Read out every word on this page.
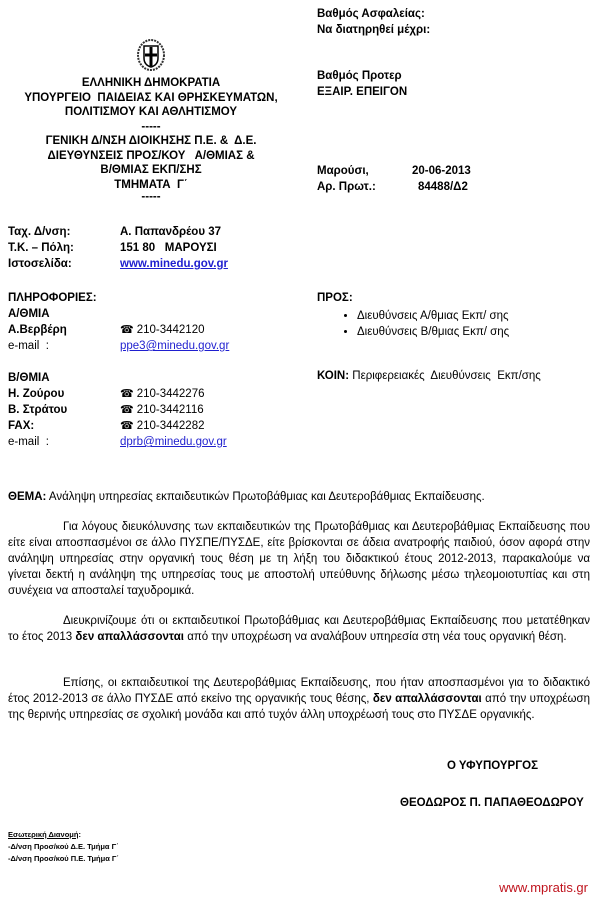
ΕΛΛΗΝΙΚΗ ΔΗΜΟΚΡΑΤΙΑ
ΥΠΟΥΡΓΕΙΟ  ΠΑΙΔΕΙΑΣ ΚΑΙ ΘΡΗΣΚΕΥΜΑΤΩΝ,
ΠΟΛΙΤΙΣΜΟΥ ΚΑΙ ΑΘΛΗΤΙΣΜΟΥ
-----
ΓΕΝΙΚΗ Δ/ΝΣΗ ΔΙΟΙΚΗΣΗΣ Π.Ε. &  Δ.Ε.
ΔΙΕΥΘΥΝΣΕΙΣ ΠΡΟΣ/ΚΟΥ   Α/ΘΜΙΑΣ &
Β/ΘΜΙΑΣ ΕΚΠ/ΣΗΣ
ΤΜΗΜΑΤΑ  Γ΄
-----
Βαθμός Ασφαλείας:
Να διατηρηθεί μέχρι:
Βαθμός Προτερ
ΕΞΑΙΡ. ΕΠΕΙΓΟΝ
Μαρούσι,	20-06-2013
Αρ. Πρωτ.:	84488/Δ2
Ταχ. Δ/νση:	Α. Παπανδρέου 37
Τ.Κ. – Πόλη:	151 80   ΜΑΡΟΥΣΙ
Ιστοσελίδα:	www.minedu.gov.gr
ΠΛΗΡΟΦΟΡΙΕΣ:
Α/ΘΜΙΑ
Α.Βερβέρη	☎ 210-3442120
e-mail  :	ppe3@minedu.gov.gr
Β/ΘΜΙΑ
Η. Ζούρου	☎ 210-3442276
Β. Στράτου	☎ 210-3442116
FAX:	☎ 210-3442282
e-mail  :	dprb@minedu.gov.gr
ΠΡΟΣ:
• Διευθύνσεις Α/θμιας Εκπ/ σης
• Διευθύνσεις Β/θμιας Εκπ/ σης
ΚΟΙΝ: Περιφερειακές  Διευθύνσεις  Εκπ/σης
ΘΕΜΑ: Ανάληψη υπηρεσίας εκπαιδευτικών Πρωτοβάθμιας και Δευτεροβάθμιας Εκπαίδευσης.
Για λόγους διευκόλυνσης των εκπαιδευτικών της Πρωτοβάθμιας και Δευτεροβάθμιας Εκπαίδευσης που είτε είναι αποσπασμένοι σε άλλο ΠΥΣΠΕ/ΠΥΣΔΕ, είτε βρίσκονται σε άδεια ανατροφής παιδιού, όσον αφορά στην ανάληψη υπηρεσίας στην οργανική τους θέση με τη λήξη του διδακτικού έτους 2012-2013, παρακαλούμε να γίνεται δεκτή η ανάληψη της υπηρεσίας τους με αποστολή υπεύθυνης δήλωσης μέσω τηλεομοιοτυπίας και στη συνέχεια να αποσταλεί ταχυδρομικά.
Διευκρινίζουμε ότι οι εκπαιδευτικοί Πρωτοβάθμιας και Δευτεροβάθμιας Εκπαίδευσης που μετατέθηκαν το έτος 2013 δεν απαλλάσσονται από την υποχρέωση να αναλάβουν υπηρεσία στη νέα τους οργανική θέση.
Επίσης, οι εκπαιδευτικοί της Δευτεροβάθμιας Εκπαίδευσης, που ήταν αποσπασμένοι για το διδακτικό έτος 2012-2013 σε άλλο ΠΥΣΔΕ από εκείνο της οργανικής τους θέσης, δεν απαλλάσσονται από την υποχρέωση της θερινής υπηρεσίας σε σχολική μονάδα και από τυχόν άλλη υποχρέωσή τους στο ΠΥΣΔΕ οργανικής.
Ο ΥΦΥΠΟΥΡΓΟΣ
ΘΕΟΔΩΡΟΣ Π. ΠΑΠΑΘΕΟΔΩΡΟΥ
Εσωτερική Διανομή:
-Δ/νση Προσ/κού Δ.Ε. Τμήμα Γ΄
-Δ/νση Προσ/κού Π.Ε. Τμήμα Γ΄
www.mpratis.gr
